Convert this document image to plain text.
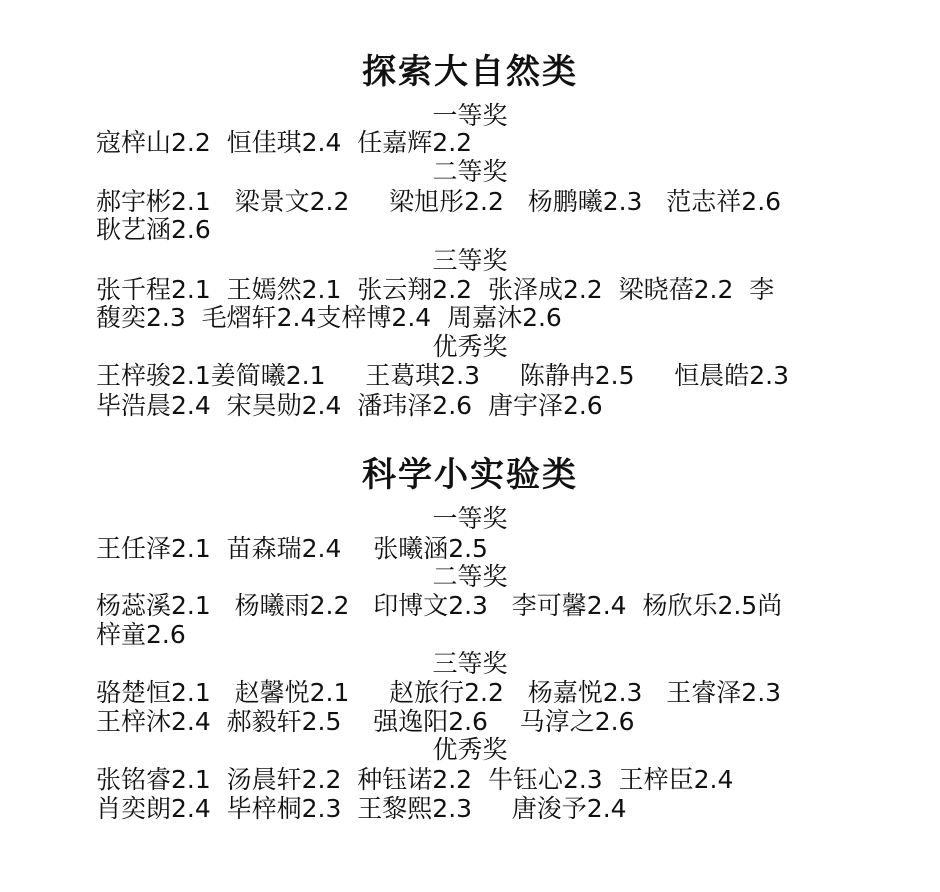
探索大自然类
一等奖
寇梓山2.2  恒佳琪2.4  任嘉辉2.2
二等奖
郝宇彬2.1   梁景文2.2     梁旭彤2.2   杨鹏曦2.3   范志祥2.6
耿艺涵2.6
三等奖
张千程2.1  王嫣然2.1  张云翔2.2  张泽成2.2  梁晓蓓2.2  李
馥奕2.3  毛熠轩2.4支梓博2.4  周嘉沐2.6
优秀奖
王梓骏2.1姜简曦2.1     王葛琪2.3     陈静冉2.5     恒晨皓2.3
毕浩晨2.4  宋昊勋2.4  潘玮泽2.6  唐宇泽2.6
科学小实验类
一等奖
王任泽2.1  苗森瑞2.4    张曦涵2.5
二等奖
杨蕊溪2.1   杨曦雨2.2   印博文2.3   李可馨2.4  杨欣乐2.5尚
梓童2.6
三等奖
骆楚恒2.1   赵馨悦2.1     赵旅行2.2   杨嘉悦2.3   王睿泽2.3
王梓沐2.4  郝毅轩2.5    强逸阳2.6    马淳之2.6
优秀奖
张铭睿2.1  汤晨轩2.2  种钰诺2.2  牛钰心2.3  王梓臣2.4
肖奕朗2.4  毕梓桐2.3  王黎熙2.3     唐浚予2.4
